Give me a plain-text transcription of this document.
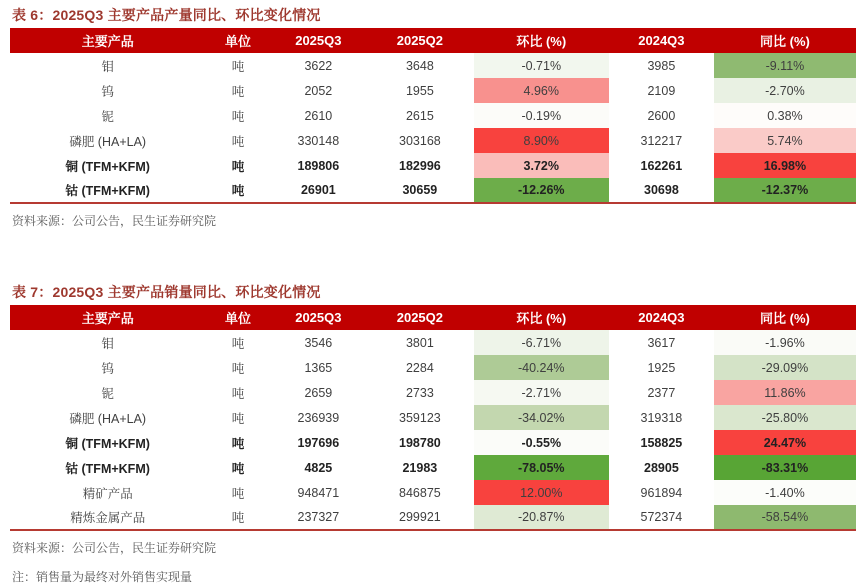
表 6：2025Q3 主要产品产量同比、环比变化情况
主要产品	单位	2025Q3	2025Q2	环比 (%)	2024Q3	同比 (%)
钼	吨	3622	3648	-0.71%	3985	-9.11%
钨	吨	2052	1955	4.96%	2109	-2.70%
铌	吨	2610	2615	-0.19%	2600	0.38%
磷肥 (HA+LA)	吨	330148	303168	8.90%	312217	5.74%
铜 (TFM+KFM)	吨	189806	182996	3.72%	162261	16.98%
钴 (TFM+KFM)	吨	26901	30659	-12.26%	30698	-12.37%
资料来源：公司公告，民生证券研究院
表 7：2025Q3 主要产品销量同比、环比变化情况
主要产品	单位	2025Q3	2025Q2	环比 (%)	2024Q3	同比 (%)
钼	吨	3546	3801	-6.71%	3617	-1.96%
钨	吨	1365	2284	-40.24%	1925	-29.09%
铌	吨	2659	2733	-2.71%	2377	11.86%
磷肥 (HA+LA)	吨	236939	359123	-34.02%	319318	-25.80%
铜 (TFM+KFM)	吨	197696	198780	-0.55%	158825	24.47%
钴 (TFM+KFM)	吨	4825	21983	-78.05%	28905	-83.31%
精矿产品	吨	948471	846875	12.00%	961894	-1.40%
精炼金属产品	吨	237327	299921	-20.87%	572374	-58.54%
资料来源：公司公告，民生证券研究院
注：销售量为最终对外销售实现量
